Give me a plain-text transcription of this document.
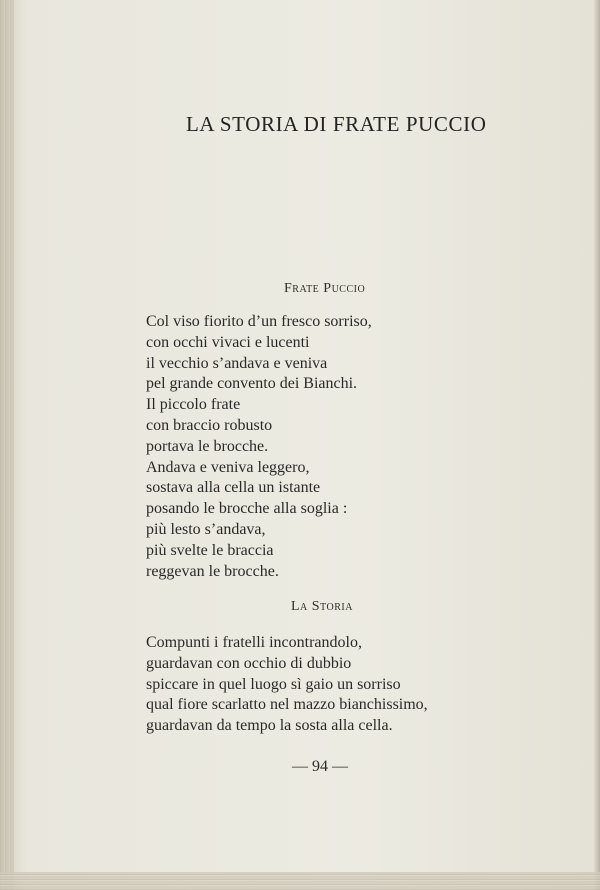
LA STORIA DI FRATE PUCCIO
Frate Puccio
Col viso fiorito d’un fresco sorriso,
con occhi vivaci e lucenti
il vecchio s’andava e veniva
pel grande convento dei Bianchi.
Il piccolo frate
con braccio robusto
portava le brocche.
Andava e veniva leggero,
sostava alla cella un istante
posando le brocche alla soglia :
più lesto s’andava,
più svelte le braccia
reggevan le brocche.
La Storia
Compunti i fratelli incontrandolo,
guardavan con occhio di dubbio
spiccare in quel luogo sì gaio un sorriso
qual fiore scarlatto nel mazzo bianchissimo,
guardavan da tempo la sosta alla cella.
— 94 —
